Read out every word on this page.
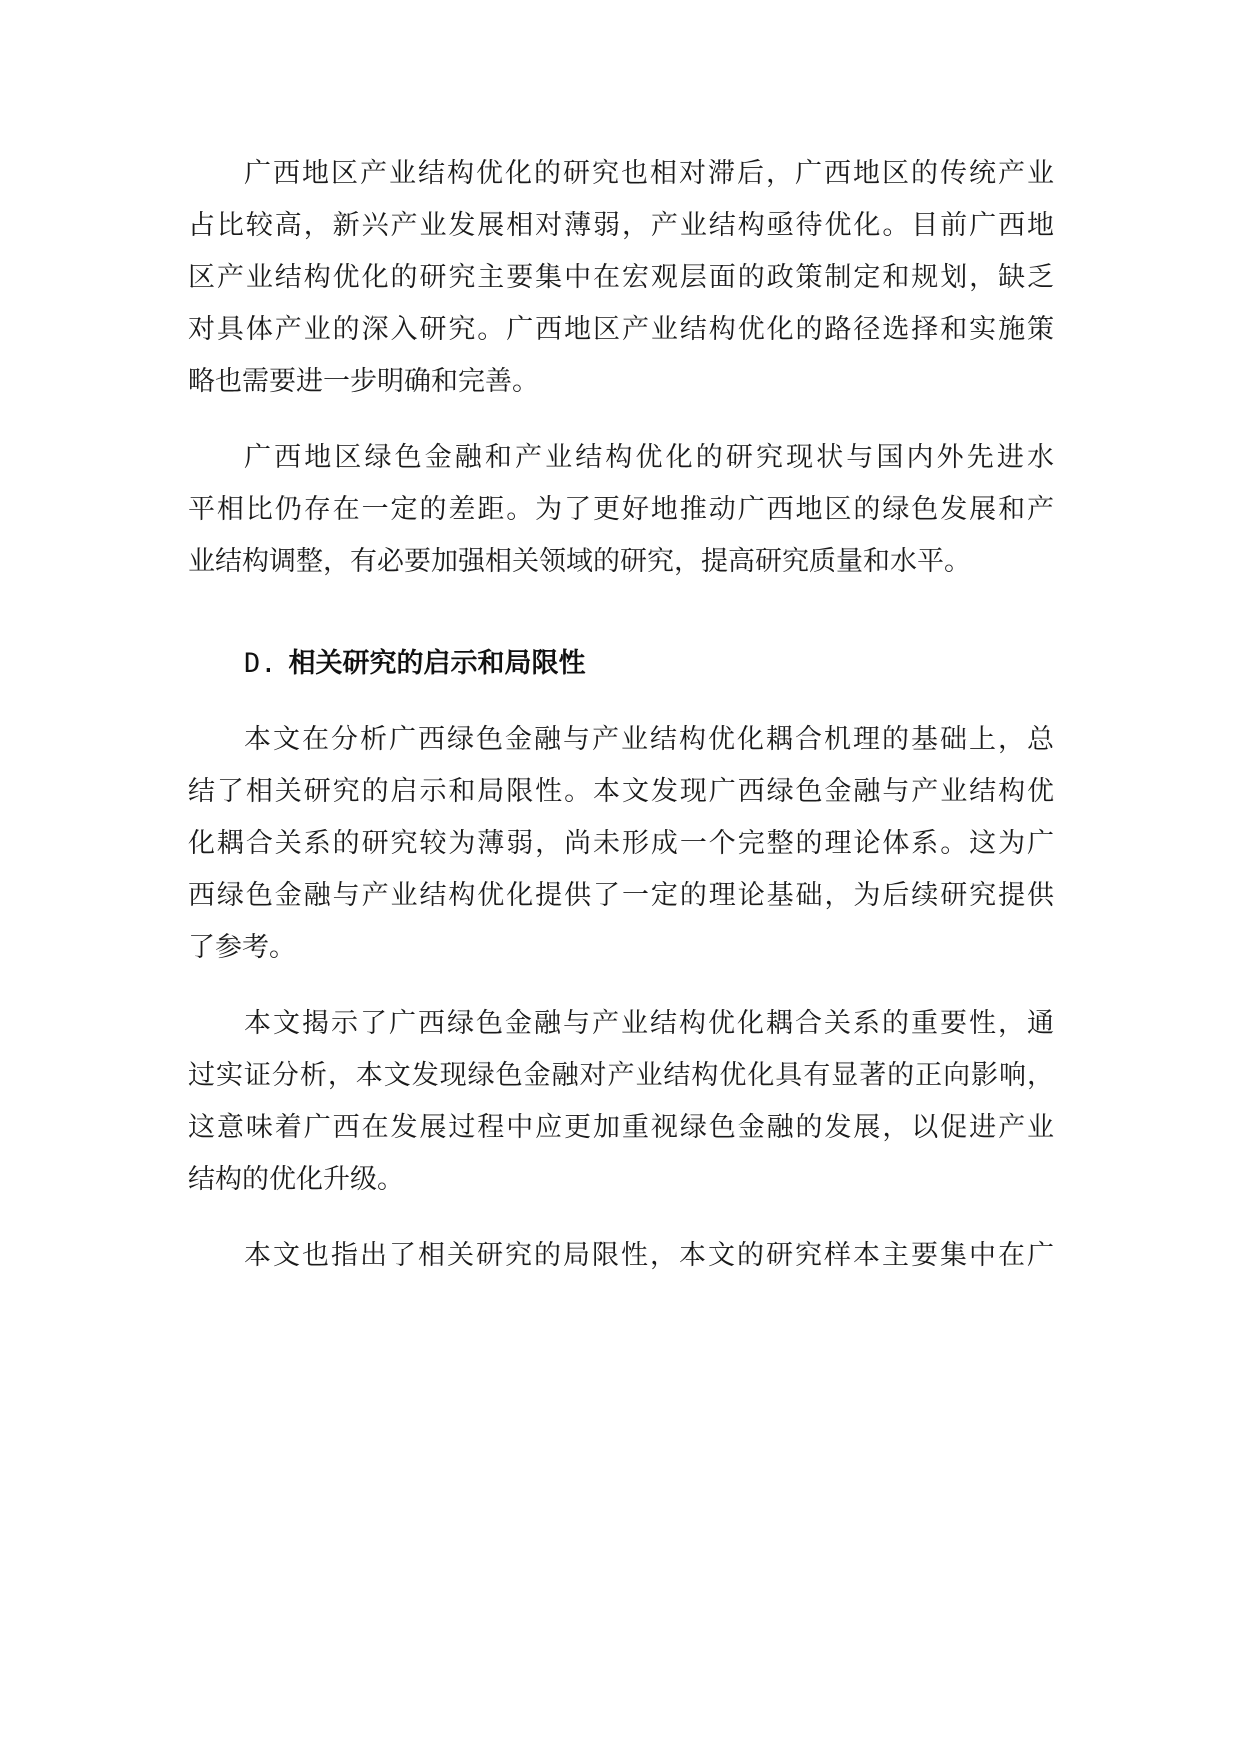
广西地区产业结构优化的研究也相对滞后，广西地区的传统产业
占比较高，新兴产业发展相对薄弱，产业结构亟待优化。目前广西地
区产业结构优化的研究主要集中在宏观层面的政策制定和规划，缺乏
对具体产业的深入研究。广西地区产业结构优化的路径选择和实施策
略也需要进一步明确和完善。
广西地区绿色金融和产业结构优化的研究现状与国内外先进水
平相比仍存在一定的差距。为了更好地推动广西地区的绿色发展和产
业结构调整，有必要加强相关领域的研究，提高研究质量和水平。
D. 相关研究的启示和局限性
本文在分析广西绿色金融与产业结构优化耦合机理的基础上，总
结了相关研究的启示和局限性。本文发现广西绿色金融与产业结构优
化耦合关系的研究较为薄弱，尚未形成一个完整的理论体系。这为广
西绿色金融与产业结构优化提供了一定的理论基础，为后续研究提供
了参考。
本文揭示了广西绿色金融与产业结构优化耦合关系的重要性，通
过实证分析，本文发现绿色金融对产业结构优化具有显著的正向影响，
这意味着广西在发展过程中应更加重视绿色金融的发展，以促进产业
结构的优化升级。
本文也指出了相关研究的局限性，本文的研究样本主要集中在广
